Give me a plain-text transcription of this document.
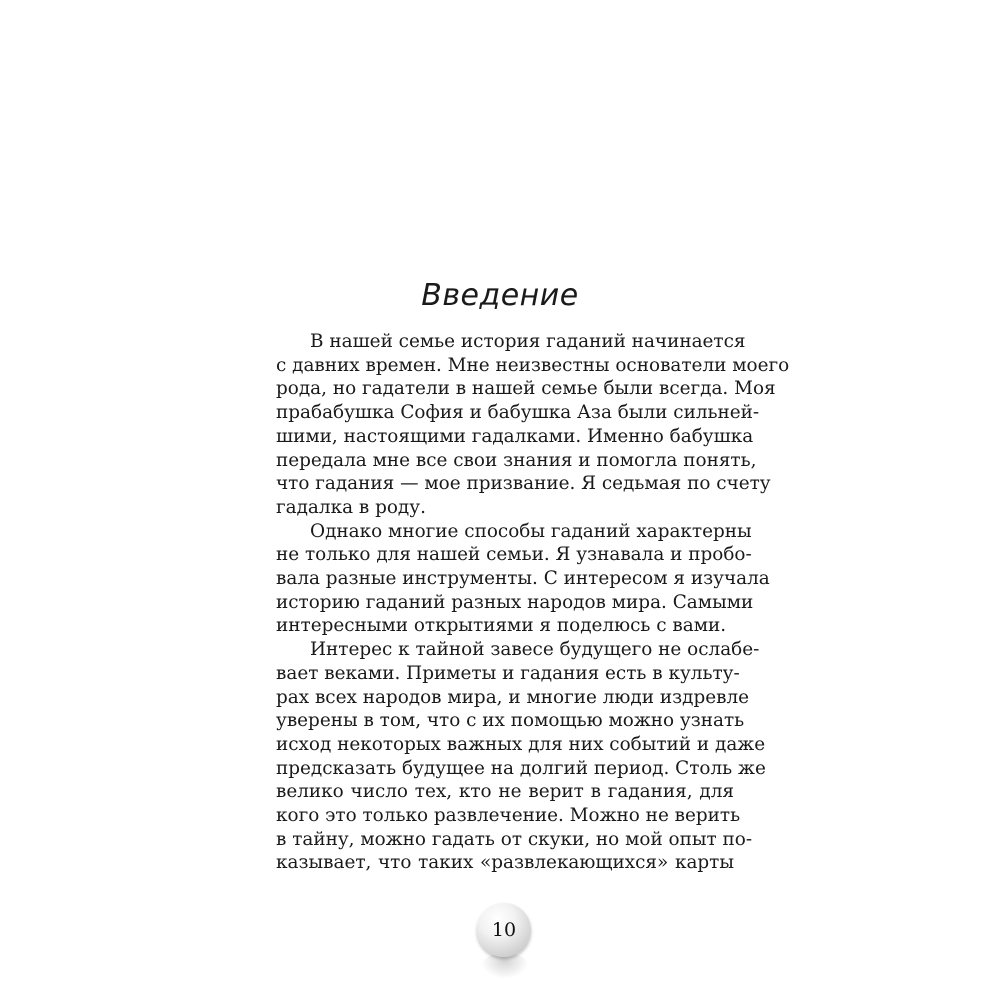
Введение
В нашей семье история гаданий начинается
с давних времен. Мне неизвестны основатели моего
рода, но гадатели в нашей семье были всегда. Моя
прабабушка София и бабушка Аза были сильней-
шими, настоящими гадалками. Именно бабушка
передала мне все свои знания и помогла понять,
что гадания — мое призвание. Я седьмая по счету
гадалка в роду.
Однако многие способы гаданий характерны
не только для нашей семьи. Я узнавала и пробо-
вала разные инструменты. С интересом я изучала
историю гаданий разных народов мира. Самыми
интересными открытиями я поделюсь с вами.
Интерес к тайной завесе будущего не ослабе-
вает веками. Приметы и гадания есть в культу-
рах всех народов мира, и многие люди издревле
уверены в том, что с их помощью можно узнать
исход некоторых важных для них событий и даже
предсказать будущее на долгий период. Столь же
велико число тех, кто не верит в гадания, для
кого это только развлечение. Можно не верить
в тайну, можно гадать от скуки, но мой опыт по-
казывает, что таких «развлекающихся» карты
10
